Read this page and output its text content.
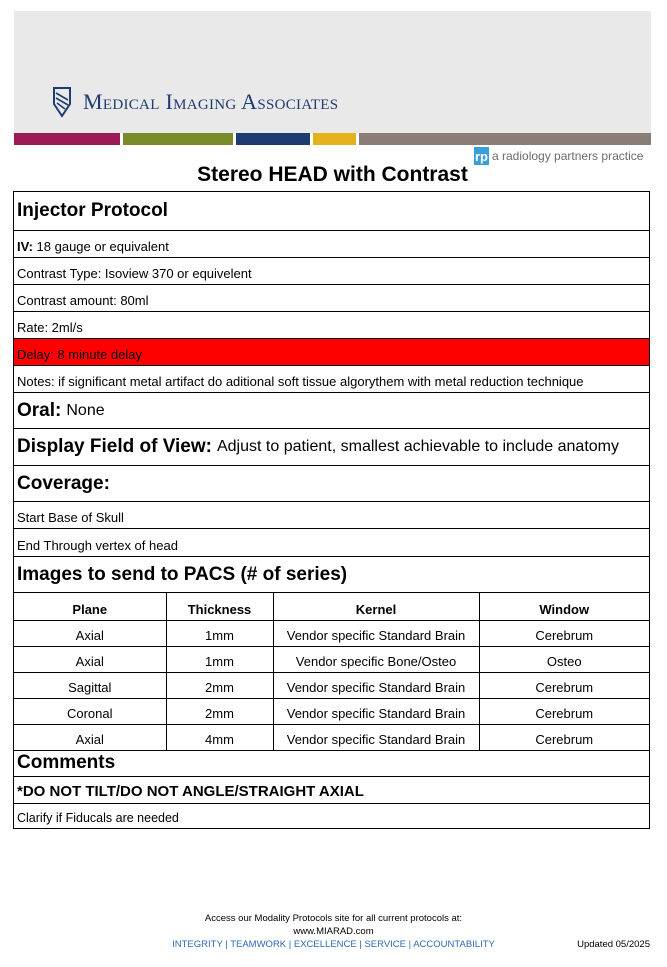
Medical Imaging Associates
rp a radiology partners practice
Stereo HEAD with Contrast
Injector Protocol
IV:
18 gauge or equivalent
Contrast Type: Isoview 370 or equivelent
Contrast amount: 80ml
Rate: 2ml/s
Delay: 8 minute delay
Notes: if significant metal artifact do aditional soft tissue algorythem with metal reduction technique
Oral: None
Display Field of View: Adjust to patient, smallest achievable to include anatomy
Coverage:
Start Base of Skull
End Through vertex of head
Images to send to PACS (# of series)
Plane	Thickness	Kernel	Window
Axial	1mm	Vendor specific Standard Brain	Cerebrum
Axial	1mm	Vendor specific Bone/Osteo	Osteo
Sagittal	2mm	Vendor specific Standard Brain	Cerebrum
Coronal	2mm	Vendor specific Standard Brain	Cerebrum
Axial	4mm	Vendor specific Standard Brain	Cerebrum
Comments
*DO NOT TILT/DO NOT ANGLE/STRAIGHT AXIAL
Clarify if Fiducals are needed
Access our Modality Protocols site for all current protocols at:
www.MIARAD.com
INTEGRITY | TEAMWORK | EXCELLENCE | SERVICE | ACCOUNTABILITY	Updated 05/2025
